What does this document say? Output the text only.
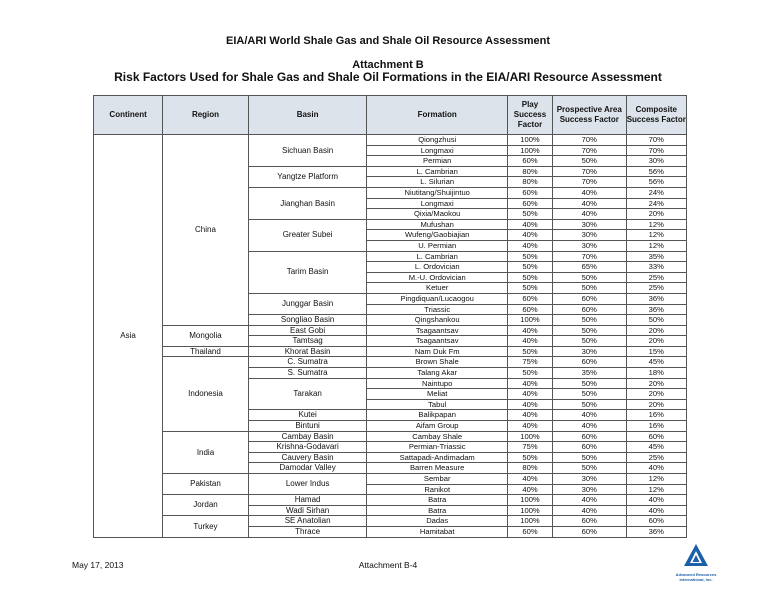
EIA/ARI World Shale Gas and Shale Oil Resource Assessment
Attachment B
Risk Factors Used for Shale Gas and Shale Oil Formations in the EIA/ARI Resource Assessment
Continent	Region	Basin	Formation	Play Success Factor	Prospective Area Success Factor	Composite Success Factor
Asia	China	Sichuan Basin	Qiongzhusi	100%	70%	70%
			Longmaxi	100%	70%	70%
			Permian	60%	50%	30%
		Yangtze Platform	L. Cambrian	80%	70%	56%
			L. Silurian	80%	70%	56%
		Jianghan Basin	Niutitang/Shuijintuo	60%	40%	24%
			Longmaxi	60%	40%	24%
			Qixia/Maokou	50%	40%	20%
		Greater Subei	Mufushan	40%	30%	12%
			Wufeng/Gaobiajian	40%	30%	12%
			U. Permian	40%	30%	12%
		Tarim Basin	L. Cambrian	50%	70%	35%
			L. Ordovician	50%	65%	33%
			M.-U. Ordovician	50%	50%	25%
			Ketuer	50%	50%	25%
		Junggar Basin	Pingdiquan/Lucaogou	60%	60%	36%
			Triassic	60%	60%	36%
		Songliao Basin	Qingshankou	100%	50%	50%
	Mongolia	East Gobi	Tsagaantsav	40%	50%	20%
		Tamtsag	Tsagaantsav	40%	50%	20%
	Thailand	Khorat Basin	Nam Duk Fm	50%	30%	15%
	Indonesia	C. Sumatra	Brown Shale	75%	60%	45%
		S. Sumatra	Talang Akar	50%	35%	18%
		Tarakan	Naintupo	40%	50%	20%
			Meliat	40%	50%	20%
			Tabul	40%	50%	20%
		Kutei	Balikpapan	40%	40%	16%
		Bintuni	Aifam Group	40%	40%	16%
	India	Cambay Basin	Cambay Shale	100%	60%	60%
		Krishna-Godavari	Permian-Triassic	75%	60%	45%
		Cauvery Basin	Sattapadi-Andimadam	50%	50%	25%
		Damodar Valley	Barren Measure	80%	50%	40%
	Pakistan	Lower Indus	Sembar	40%	30%	12%
			Ranikot	40%	30%	12%
	Jordan	Hamad	Batra	100%	40%	40%
		Wadi Sirhan	Batra	100%	40%	40%
	Turkey	SE Anatolian	Dadas	100%	60%	60%
		Thrace	Hamitabat	60%	60%	36%
May 17, 2013	Attachment B-4
Advanced Resources International, Inc.
